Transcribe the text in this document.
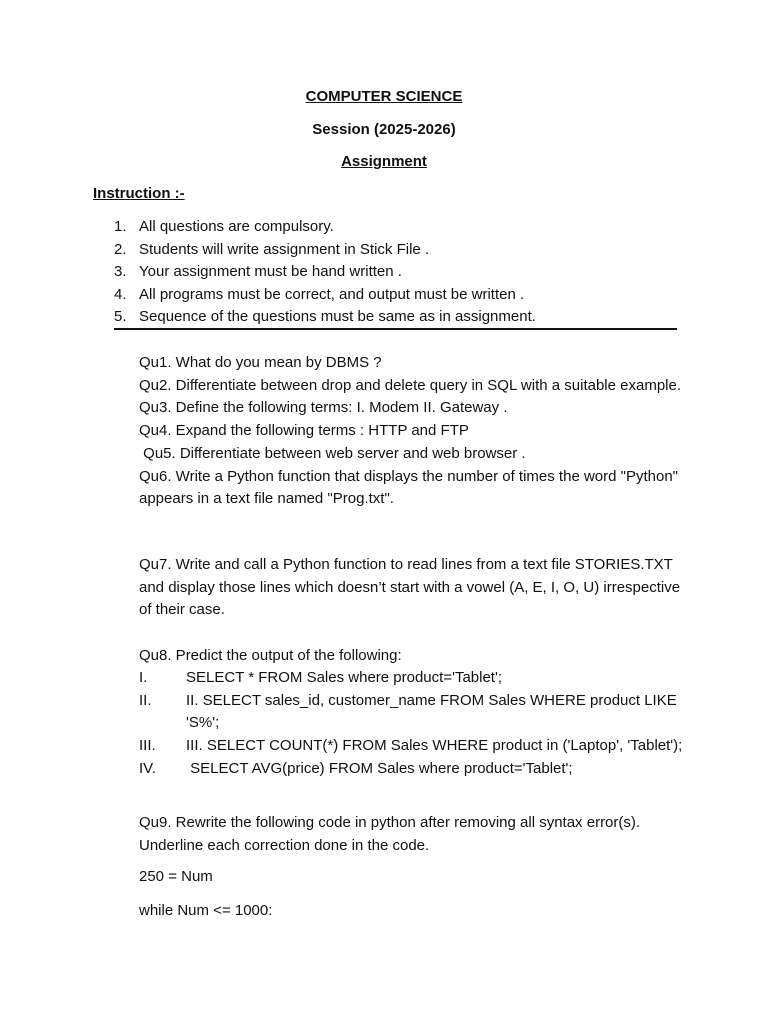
COMPUTER SCIENCE
Session (2025-2026)
Assignment
Instruction :-
1. All questions are compulsory.
2. Students will write assignment in Stick File .
3. Your assignment must be hand written .
4. All programs must be correct, and output must be written .
5. Sequence of the questions must be same as in assignment.
Qu1. What do you mean by DBMS ?
Qu2. Differentiate between drop and delete query in SQL with a suitable example.
Qu3. Define the following terms: I. Modem II. Gateway .
Qu4. Expand the following terms : HTTP and FTP
Qu5. Differentiate between web server and web browser .
Qu6. Write a Python function that displays the number of times the word "Python" appears in a text file named "Prog.txt".
Qu7. Write and call a Python function to read lines from a text file STORIES.TXT and display those lines which doesn’t start with a vowel (A, E, I, O, U) irrespective of their case.
Qu8. Predict the output of the following:
I.	SELECT * FROM Sales where product='Tablet';
II.	II. SELECT sales_id, customer_name FROM Sales WHERE product LIKE 'S%';
III.	III. SELECT COUNT(*) FROM Sales WHERE product in ('Laptop', 'Tablet');
IV.	SELECT AVG(price) FROM Sales where product='Tablet';
Qu9. Rewrite the following code in python after removing all syntax error(s). Underline each correction done in the code.
250 = Num
while Num <= 1000:
